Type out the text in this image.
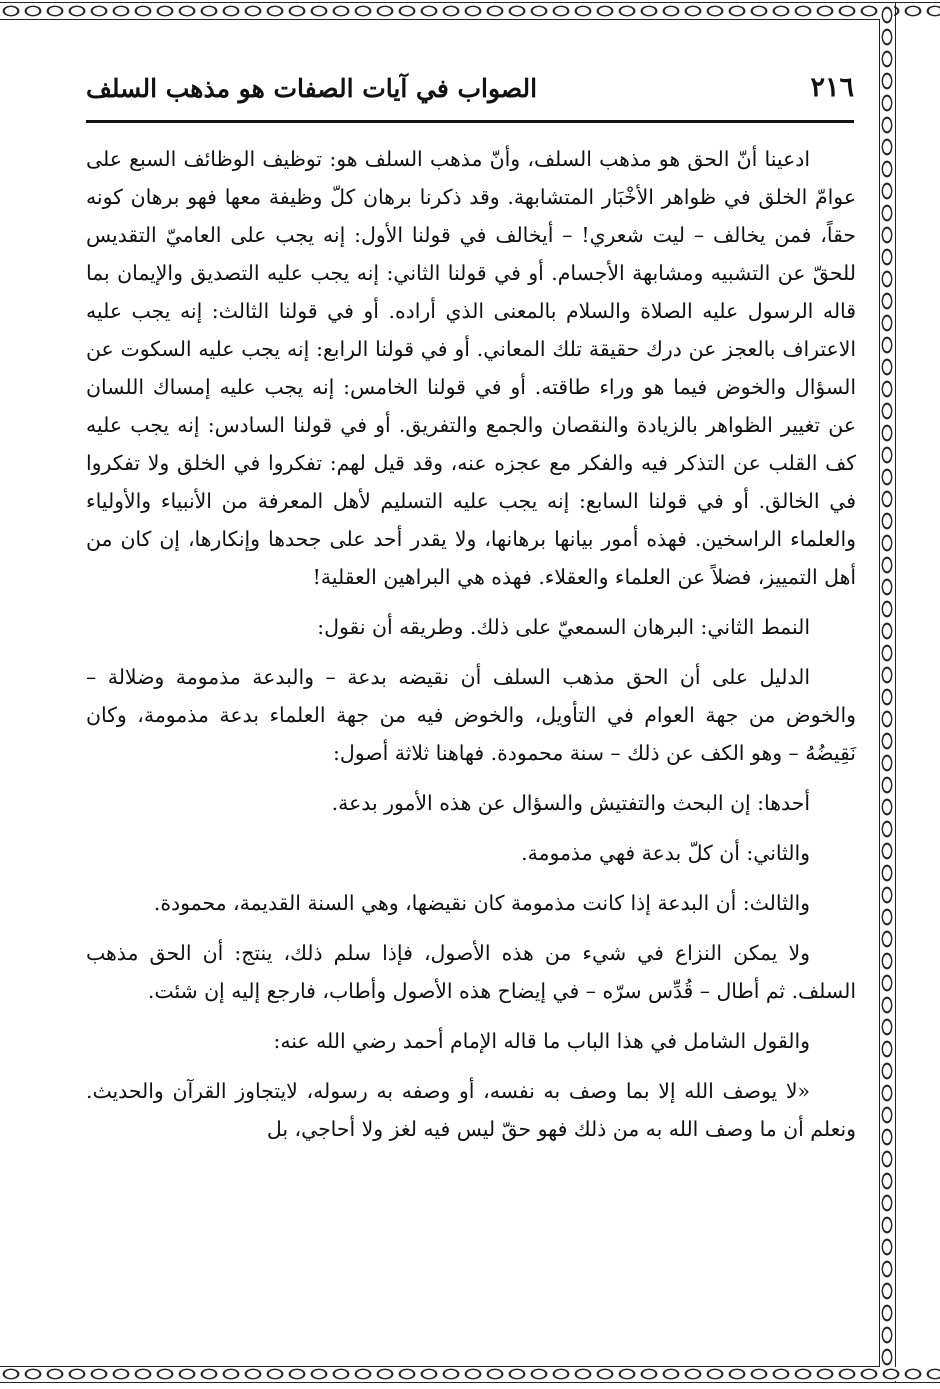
٢١٦
الصواب في آيات الصفات هو مذهب السلف

ادعينا أنّ الحق هو مذهب السلف، وأنّ مذهب السلف هو: توظيف الوظائف السبع على عوامّ الخلق في ظواهر الأخْبَار المتشابهة. وقد ذكرنا برهان كلّ وظيفة معها فهو برهان كونه حقاً، فمن يخالف – ليت شعري! – أيخالف في قولنا الأول: إنه يجب على العاميّ التقديس للحقّ عن التشبيه ومشابهة الأجسام. أو في قولنا الثاني: إنه يجب عليه التصديق والإيمان بما قاله الرسول عليه الصلاة والسلام بالمعنى الذي أراده. أو في قولنا الثالث: إنه يجب عليه الاعتراف بالعجز عن درك حقيقة تلك المعاني. أو في قولنا الرابع: إنه يجب عليه السكوت عن السؤال والخوض فيما هو وراء طاقته. أو في قولنا الخامس: إنه يجب عليه إمساك اللسان عن تغيير الظواهر بالزيادة والنقصان والجمع والتفريق. أو في قولنا السادس: إنه يجب عليه كف القلب عن التذكر فيه والفكر مع عجزه عنه، وقد قيل لهم: تفكروا في الخلق ولا تفكروا في الخالق. أو في قولنا السابع: إنه يجب عليه التسليم لأهل المعرفة من الأنبياء والأولياء والعلماء الراسخين. فهذه أمور بيانها برهانها، ولا يقدر أحد على جحدها وإنكارها، إن كان من أهل التمييز، فضلاً عن العلماء والعقلاء. فهذه هي البراهين العقلية!

النمط الثاني: البرهان السمعيّ على ذلك. وطريقه أن نقول:

الدليل على أن الحق مذهب السلف أن نقيضه بدعة – والبدعة مذمومة وضلالة – والخوض من جهة العوام في التأويل، والخوض فيه من جهة العلماء بدعة مذمومة، وكان نَقِيضُهُ – وهو الكف عن ذلك – سنة محمودة. فهاهنا ثلاثة أصول:

أحدها: إن البحث والتفتيش والسؤال عن هذه الأمور بدعة.

والثاني: أن كلّ بدعة فهي مذمومة.

والثالث: أن البدعة إذا كانت مذمومة كان نقيضها، وهي السنة القديمة، محمودة.

ولا يمكن النزاع في شيء من هذه الأصول، فإذا سلم ذلك، ينتج: أن الحق مذهب السلف. ثم أطال – قُدِّس سرّه – في إيضاح هذه الأصول وأطاب، فارجع إليه إن شئت.

والقول الشامل في هذا الباب ما قاله الإمام أحمد رضي الله عنه:

«لا يوصف الله إلا بما وصف به نفسه، أو وصفه به رسوله، لايتجاوز القرآن والحديث. ونعلم أن ما وصف الله به من ذلك فهو حقّ ليس فيه لغز ولا أحاجي، بل
